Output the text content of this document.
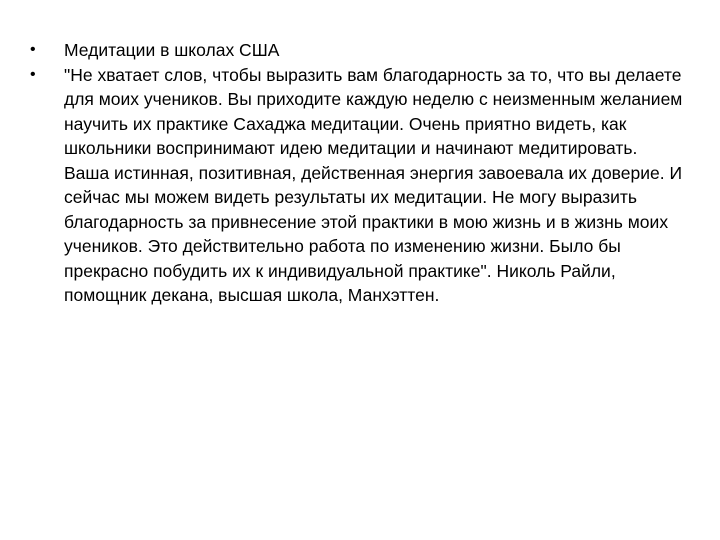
• Медитации в школах США
• "Не хватает слов, чтобы выразить вам благодарность за то, что вы делаете для моих учеников. Вы приходите каждую неделю с неизменным желанием научить их практике Сахаджа медитации. Очень приятно видеть, как школьники воспринимают идею медитации и начинают медитировать. Ваша истинная, позитивная, действенная энергия завоевала их доверие. И сейчас мы можем видеть результаты их медитации. Не могу выразить благодарность за привнесение этой практики в мою жизнь и в жизнь моих учеников. Это действительно работа по изменению жизни. Было бы прекрасно побудить их к индивидуальной практике". Николь Райли, помощник декана, высшая школа, Манхэттен.
